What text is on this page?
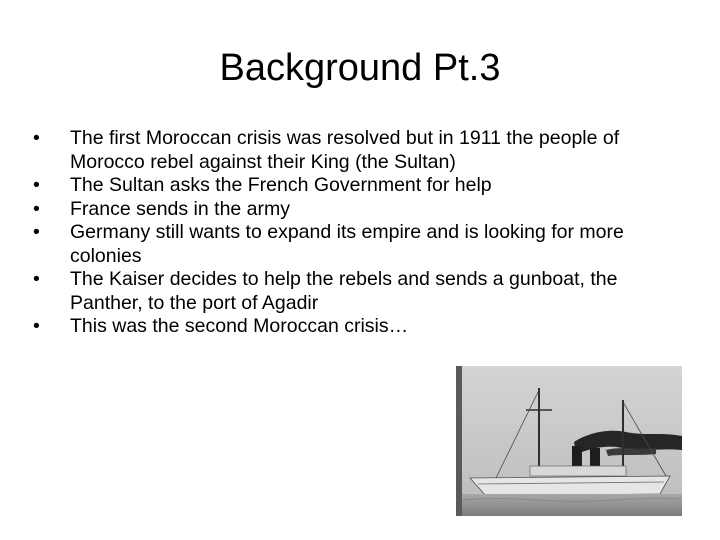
Background Pt.3
•	The first Moroccan crisis was resolved but in 1911 the people of Morocco rebel against their King (the Sultan)
•	The Sultan asks the French Government for help
•	France sends in the army
•	Germany still wants to expand its empire and is looking for more colonies
•	The Kaiser decides to help the rebels and sends a gunboat, the Panther, to the port of Agadir
•	This was the second Moroccan crisis…
